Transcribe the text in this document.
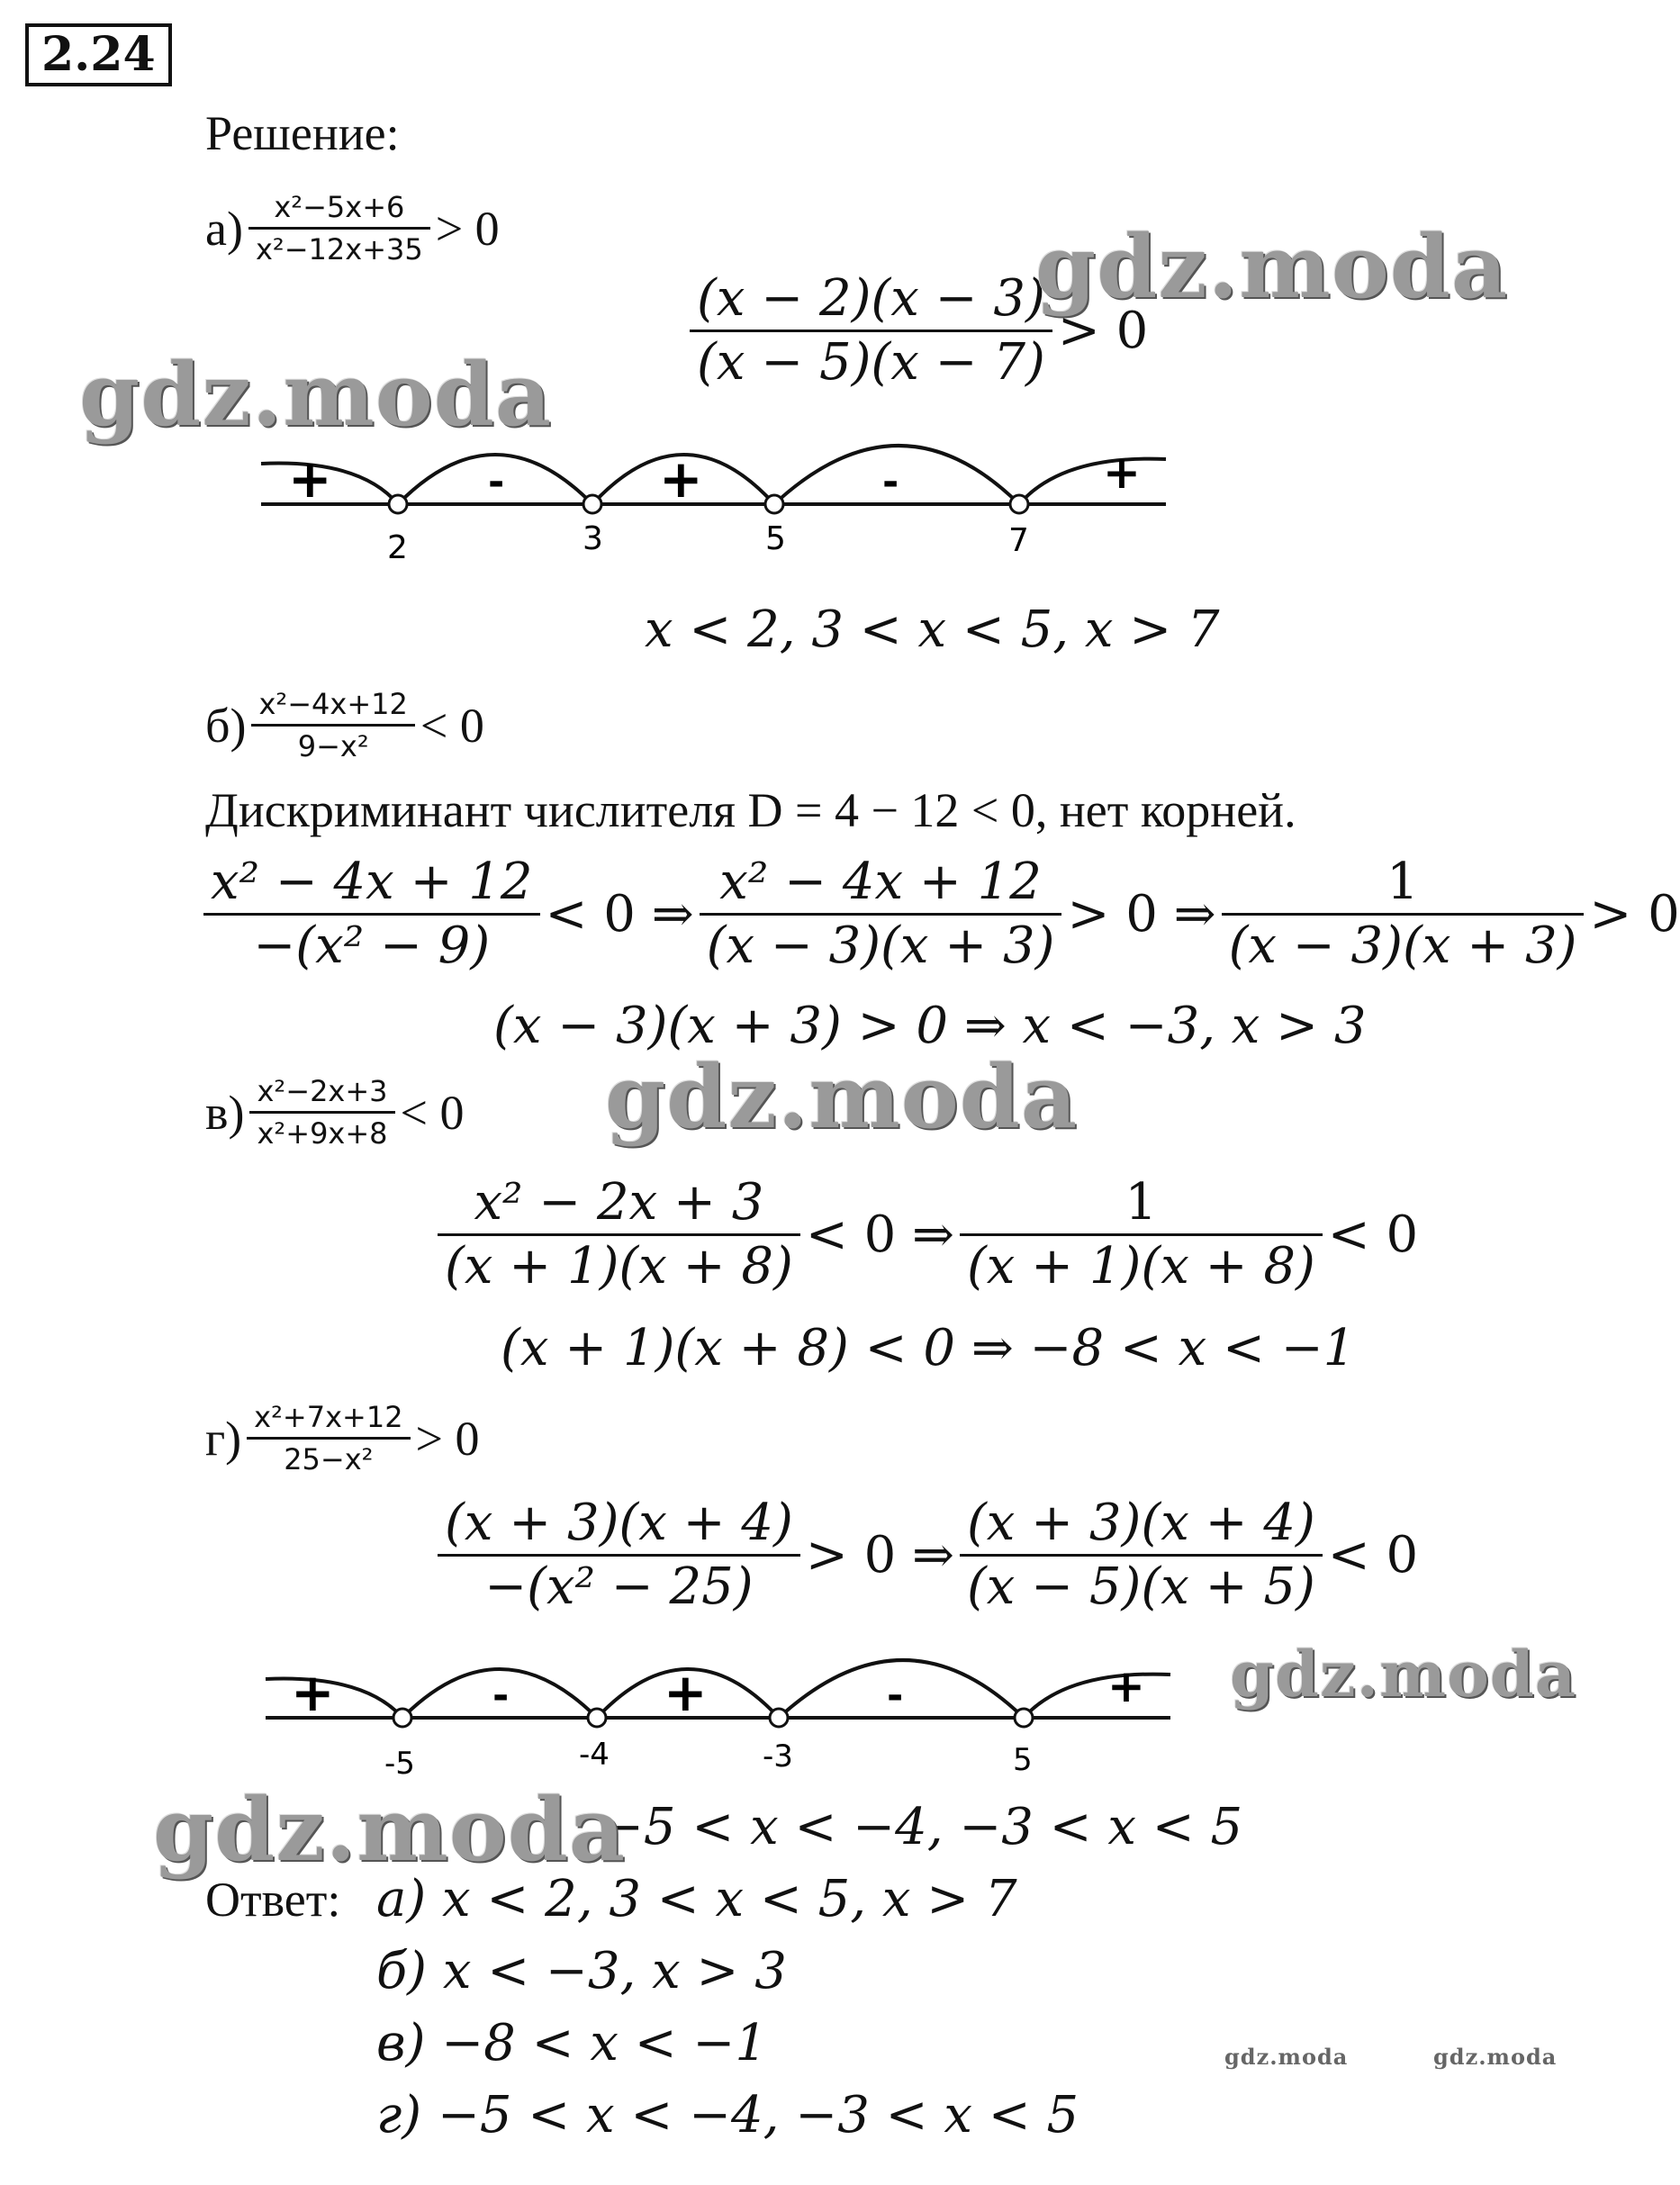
2.24
Решение:
$а) \frac{\text{x²−5x+6}}{\text{x²−12x+35}} > 0$
$\frac{(x - 2)(x - 3)}{(x - 5)(x - 7)} > 0$
+	-	+	-	+
2	3	5	7
x < 2, 3 < x < 5, x > 7
$б) \frac{\text{x²−4x+12}}{\text{9−x²}} < 0$
Дискриминант числителя D = 4 − 12 < 0, нет корней.
$\frac{\text{x² − 4x + 12}}{\text{−(x² − 9)}} < 0$ ⇒ $\frac{\text{x² − 4x + 12}}{(x - 3)(x + 3)} > 0$ ⇒ $\frac{1}{(x - 3)(x + 3)} > 0$
(x − 3)(x + 3) > 0 ⇒ x < −3, x > 3
$в) \frac{\text{x²−2x+3}}{\text{x²+9x+8}} < 0$
$\frac{\text{x² − 2x + 3}}{(x + 1)(x + 8)} < 0$ ⇒ $\frac{1}{(x + 1)(x + 8)} < 0$
(x + 1)(x + 8) < 0 ⇒ −8 < x < −1
$г) \frac{\text{x²+7x+12}}{\text{25−x²}} > 0$
$\frac{(x + 3)(x + 4)}{\text{−(x² − 25)}} > 0$ ⇒ $\frac{(x + 3)(x + 4)}{(x - 5)(x + 5)} < 0$
+	-	+	-	+
-5	-4	-3	5
−5 < x < −4, −3 < x < 5
Ответ: а) x < 2, 3 < x < 5, x > 7
б) x < −3, x > 3
в) −8 < x < −1
г) −5 < x < −4, −3 < x < 5
gdz.moda
gdz.moda
gdz.moda
gdz.moda
gdz.moda
gdz.moda	gdz.moda
